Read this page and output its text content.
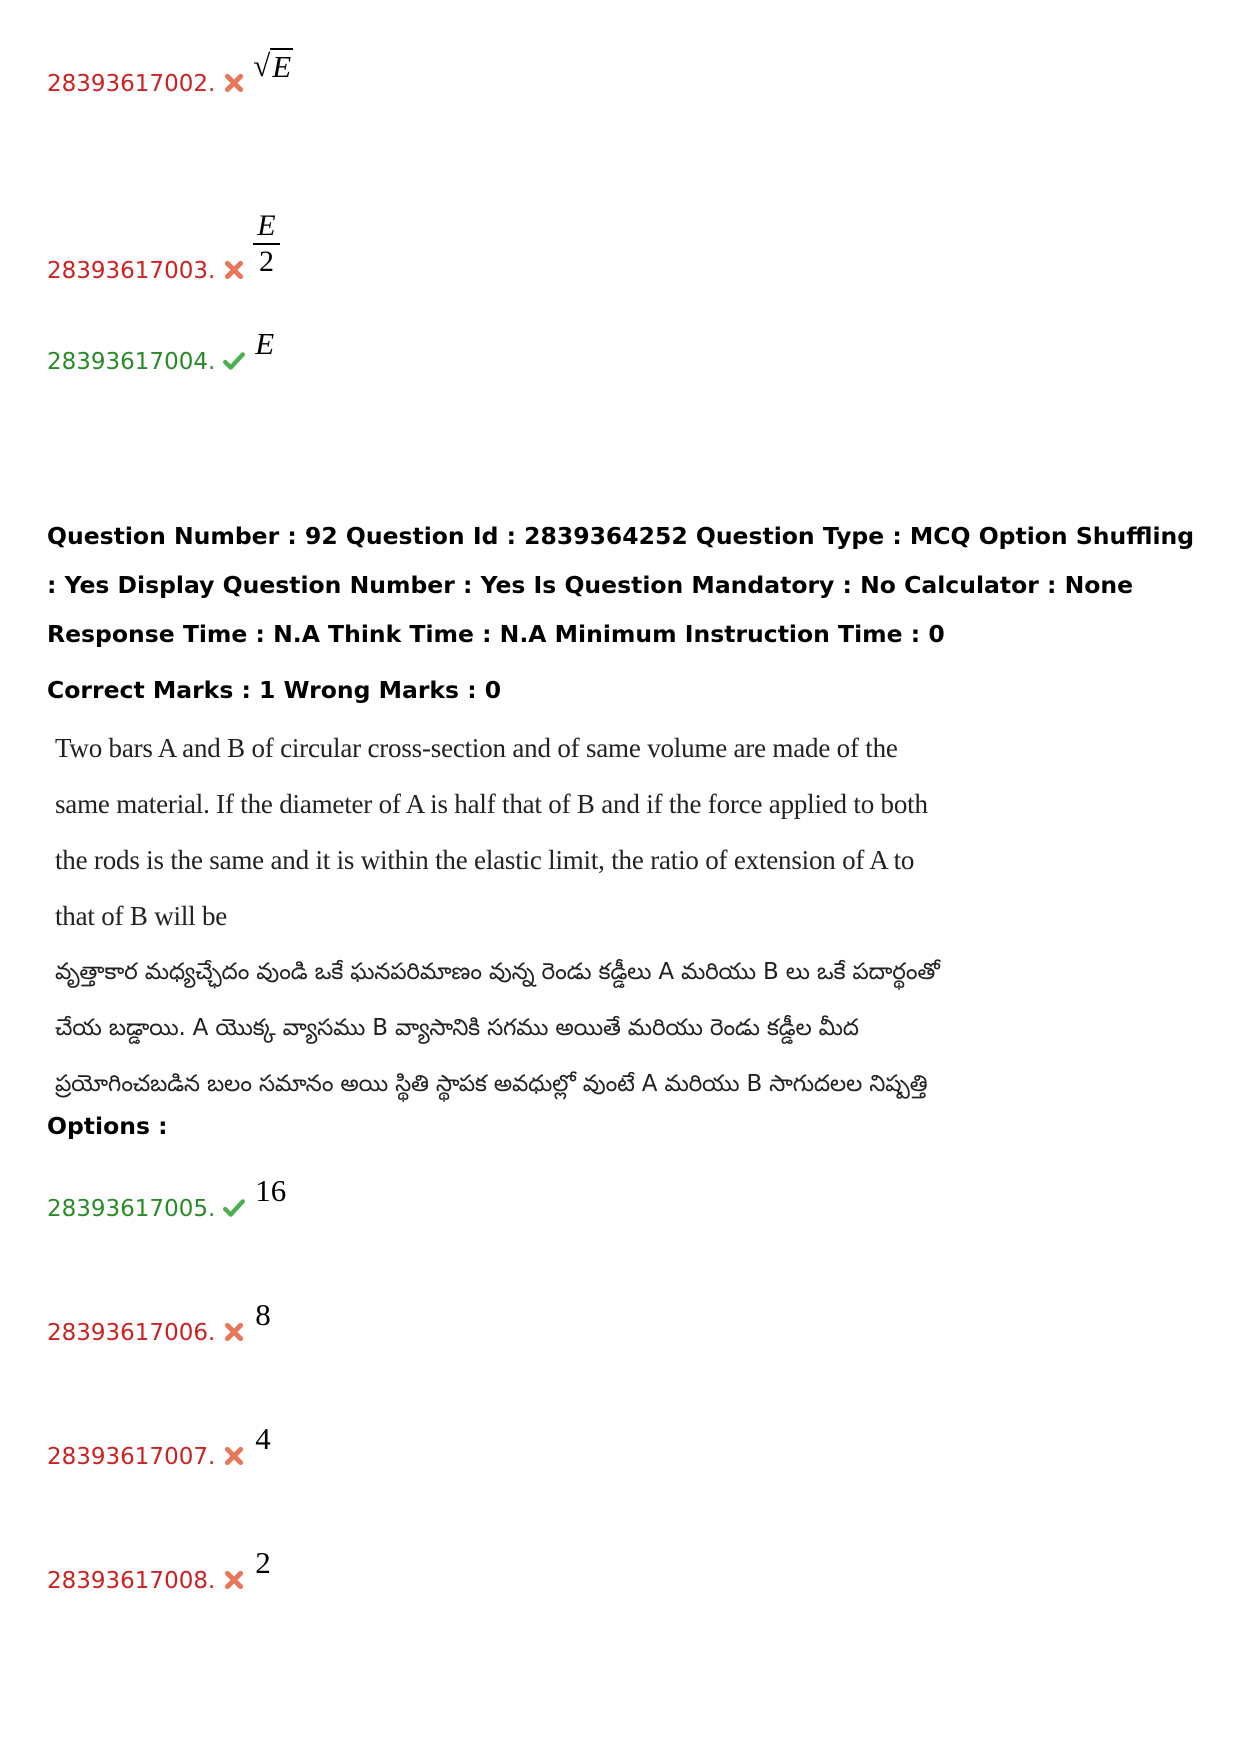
28393617002.
√ E
28393617003. $\frac{E}{2}$
28393617004.
E
Question Number : 92 Question Id : 2839364252 Question Type : MCQ Option Shuffling : Yes Display Question Number : Yes Is Question Mandatory : No Calculator : None Response Time : N.A Think Time : N.A Minimum Instruction Time : 0
Correct Marks : 1 Wrong Marks : 0

Two bars A and B of circular cross-section and of same volume are made of the same material. If the diameter of A is half that of B and if the force applied to both the rods is the same and it is within the elastic limit, the ratio of extension of A to that of B will be

వృత్తాకార మధ్యచ్ఛేదం వుండి ఒకే ఘనపరిమాణం వున్న రెండు కడ్డీలు A మరియు B లు ఒకే పదార్థంతో చేయ బడ్డాయి. A యొక్క వ్యాసము B వ్యాసానికి సగము అయితే మరియు రెండు కడ్డీల మీద ప్రయోగించబడిన బలం సమానం అయి స్థితి స్థాపక అవధుల్లో వుంటే A మరియు B సాగుదలల నిష్పత్తి

Options :
28393617005.
16
28393617006.
8
28393617007.
4
28393617008.
2
